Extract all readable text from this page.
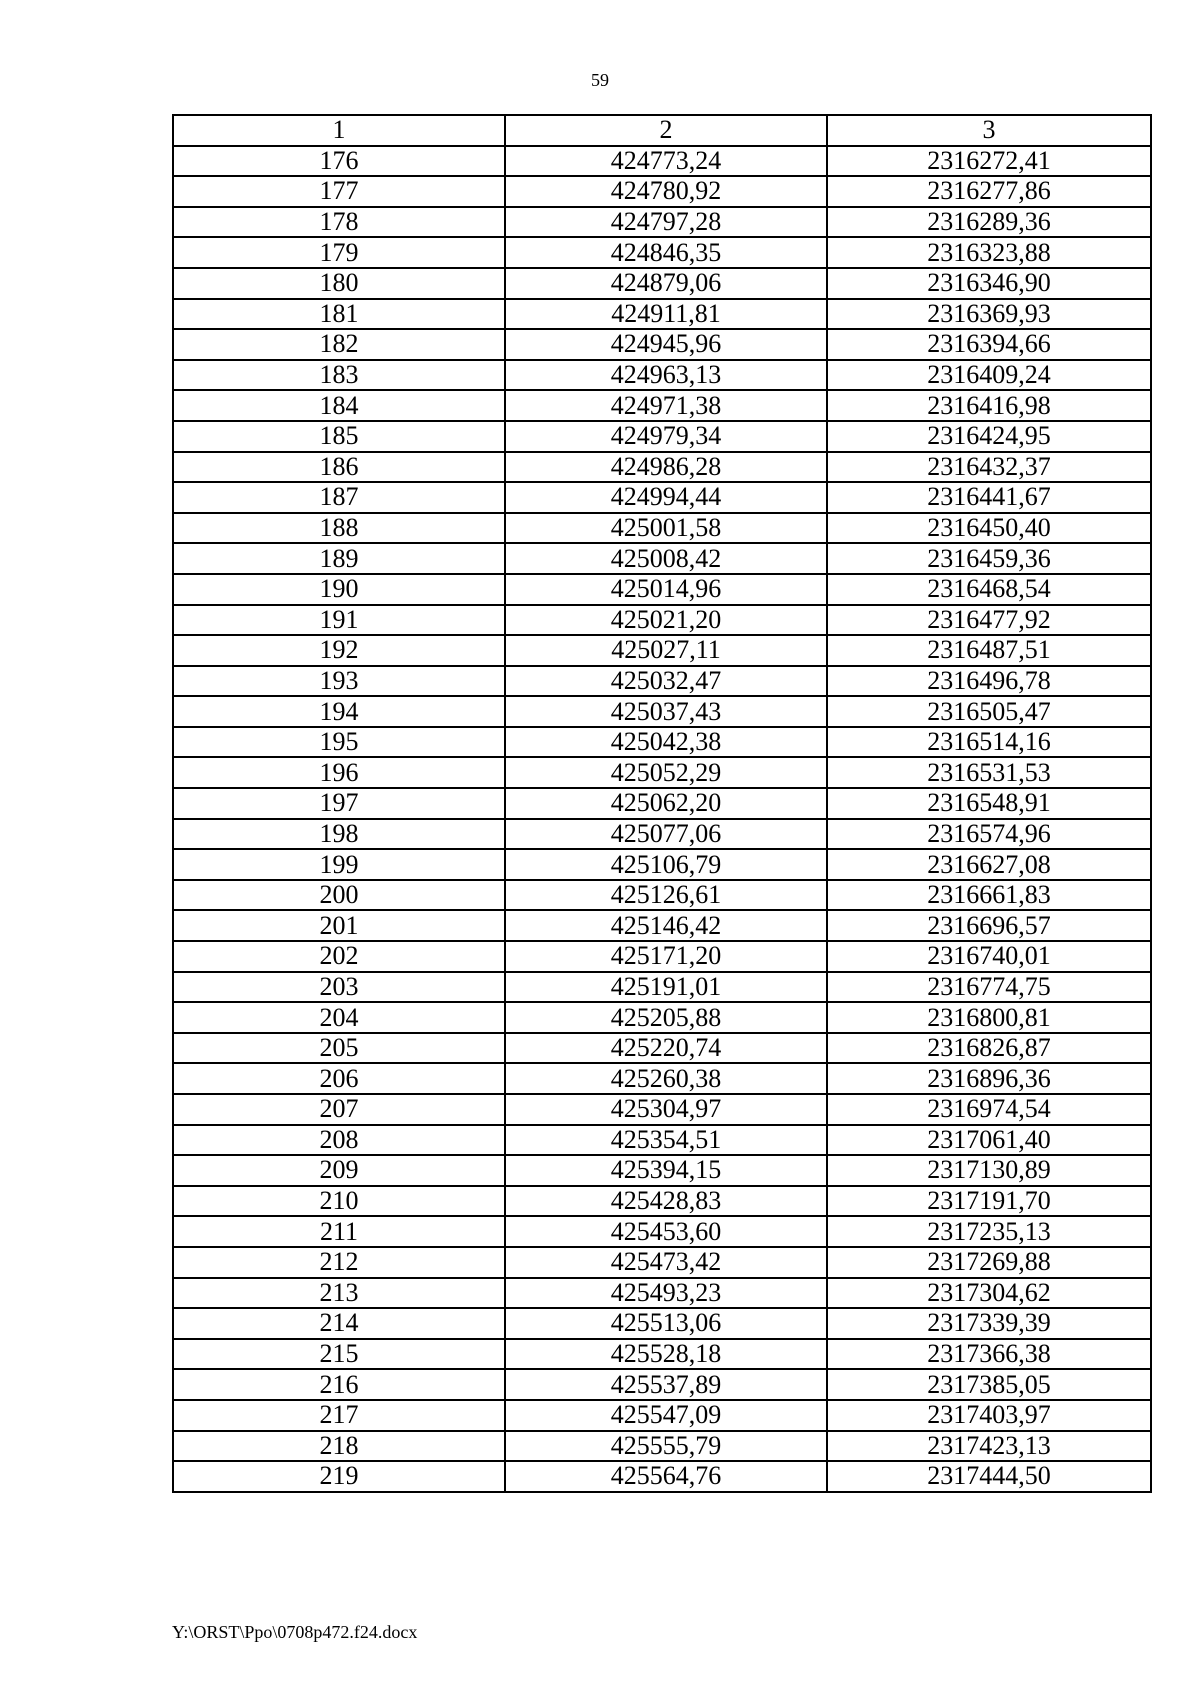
59
1	2	3
176	424773,24	2316272,41
177	424780,92	2316277,86
178	424797,28	2316289,36
179	424846,35	2316323,88
180	424879,06	2316346,90
181	424911,81	2316369,93
182	424945,96	2316394,66
183	424963,13	2316409,24
184	424971,38	2316416,98
185	424979,34	2316424,95
186	424986,28	2316432,37
187	424994,44	2316441,67
188	425001,58	2316450,40
189	425008,42	2316459,36
190	425014,96	2316468,54
191	425021,20	2316477,92
192	425027,11	2316487,51
193	425032,47	2316496,78
194	425037,43	2316505,47
195	425042,38	2316514,16
196	425052,29	2316531,53
197	425062,20	2316548,91
198	425077,06	2316574,96
199	425106,79	2316627,08
200	425126,61	2316661,83
201	425146,42	2316696,57
202	425171,20	2316740,01
203	425191,01	2316774,75
204	425205,88	2316800,81
205	425220,74	2316826,87
206	425260,38	2316896,36
207	425304,97	2316974,54
208	425354,51	2317061,40
209	425394,15	2317130,89
210	425428,83	2317191,70
211	425453,60	2317235,13
212	425473,42	2317269,88
213	425493,23	2317304,62
214	425513,06	2317339,39
215	425528,18	2317366,38
216	425537,89	2317385,05
217	425547,09	2317403,97
218	425555,79	2317423,13
219	425564,76	2317444,50
Y:\ORST\Ppo\0708p472.f24.docx
